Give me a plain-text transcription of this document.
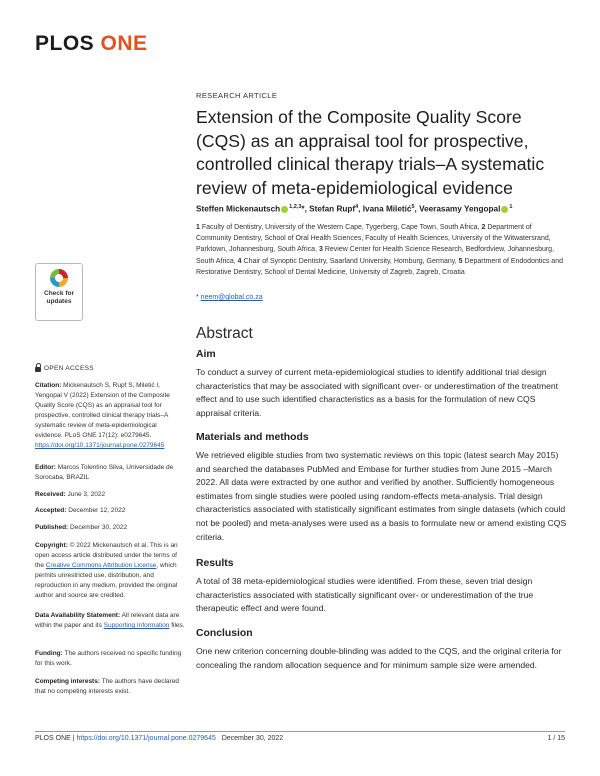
PLOS ONE
RESEARCH ARTICLE
Extension of the Composite Quality Score (CQS) as an appraisal tool for prospective, controlled clinical therapy trials–A systematic review of meta-epidemiological evidence
Steffen Mickenautsch $^{1,2,3}$*, Stefan Rupf$^4$, Ivana Miletić$^5$, Veerasamy Yengopal $^1$
1 Faculty of Dentistry, University of the Western Cape, Tygerberg, Cape Town, South Africa, 2 Department of Community Dentistry, School of Oral Health Sciences, Faculty of Health Sciences, University of the Witwatersrand, Parktown, Johannesburg, South Africa, 3 Review Center for Health Science Research, Bedfordview, Johannesburg, South Africa, 4 Chair of Synoptic Dentistry, Saarland University, Homburg, Germany, 5 Department of Endodontics and Restorative Dentistry, School of Dental Medicine, University of Zagreb, Zagreb, Croatia
* neem@global.co.za
Abstract
Aim

To conduct a survey of current meta-epidemiological studies to identify additional trial design characteristics that may be associated with significant over- or underestimation of the treatment effect and to use such identified characteristics as a basis for the formulation of new CQS appraisal criteria.

Materials and methods

We retrieved eligible studies from two systematic reviews on this topic (latest search May 2015) and searched the databases PubMed and Embase for further studies from June 2015 –March 2022. All data were extracted by one author and verified by another. Sufficiently homogeneous estimates from single studies were pooled using random-effects meta-analysis. Trial design characteristics associated with statistically significant estimates from single datasets (which could not be pooled) and meta-analyses were used as a basis to formulate new or amend existing CQS criteria.

Results

A total of 38 meta-epidemiological studies were identified. From these, seven trial design characteristics associated with statistically significant over- or underestimation of the true therapeutic effect and were found.

Conclusion

One new criterion concerning double-blinding was added to the CQS, and the original criteria for concealing the random allocation sequence and for minimum sample size were amended.

Check for
updates
OPEN ACCESS
Citation: Mickenautsch S, Rupf S, Miletić I, Yengopal V (2022) Extension of the Composite Quality Score (CQS) as an appraisal tool for prospective, controlled clinical therapy trials–A systematic review of meta-epidemiological evidence. PLoS ONE 17(12): e0279645. https://doi.org/10.1371/journal.pone.0279645
Editor: Marcos Tolentino Silva, Universidade de Sorocaba, BRAZIL
Received: June 3, 2022
Accepted: December 12, 2022
Published: December 30, 2022
Copyright: © 2022 Mickenautsch et al. This is an open access article distributed under the terms of the Creative Commons Attribution License, which permits unrestricted use, distribution, and reproduction in any medium, provided the original author and source are credited.
Data Availability Statement: All relevant data are within the paper and its Supporting Information files.
Funding: The authors received no specific funding for this work.
Competing interests: The authors have declared that no competing interests exist.
PLOS ONE | https://doi.org/10.1371/journal.pone.0279645 December 30, 2022	1 / 15
